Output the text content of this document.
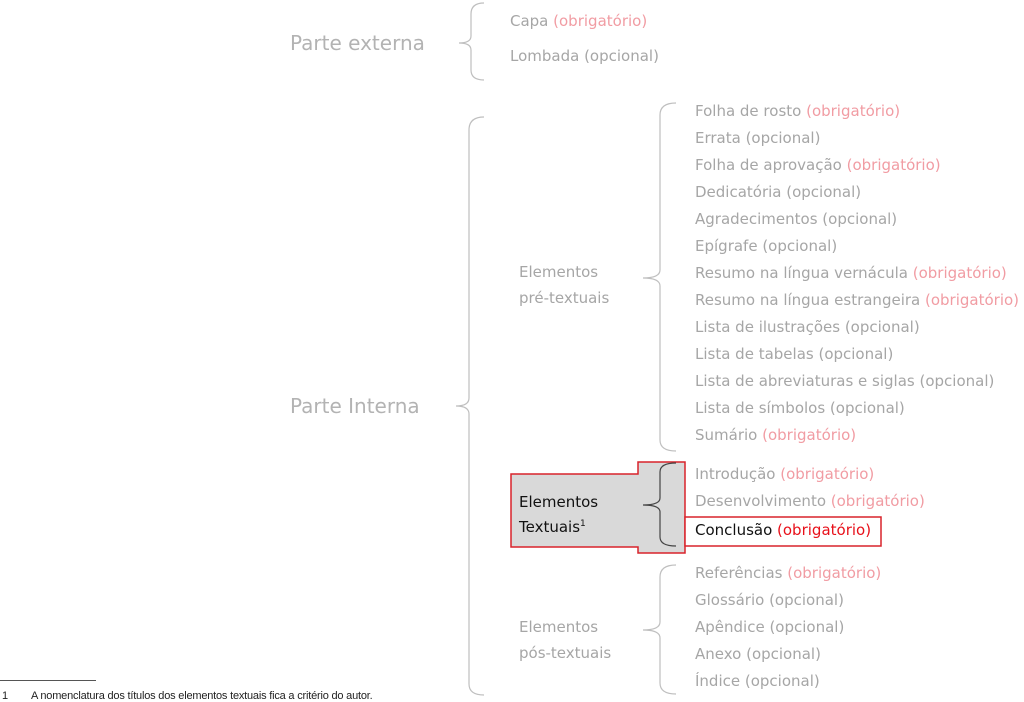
Parte externa
Capa (obrigatório)
Lombada (opcional)
Parte Interna
Elementos
pré-textuais
Folha de rosto (obrigatório)
Errata (opcional)
Folha de aprovação (obrigatório)
Dedicatória (opcional)
Agradecimentos (opcional)
Epígrafe (opcional)
Resumo na língua vernácula (obrigatório)
Resumo na língua estrangeira (obrigatório)
Lista de ilustrações (opcional)
Lista de tabelas (opcional)
Lista de abreviaturas e siglas (opcional)
Lista de símbolos (opcional)
Sumário (obrigatório)
Elementos
Textuais$^1$
Introdução (obrigatório)
Desenvolvimento (obrigatório)
Conclusão (obrigatório)
Elementos
pós-textuais
Referências (obrigatório)
Glossário (opcional)
Apêndice (opcional)
Anexo (opcional)
Índice (opcional)
1 A nomenclatura dos títulos dos elementos textuais fica a critério do autor.
